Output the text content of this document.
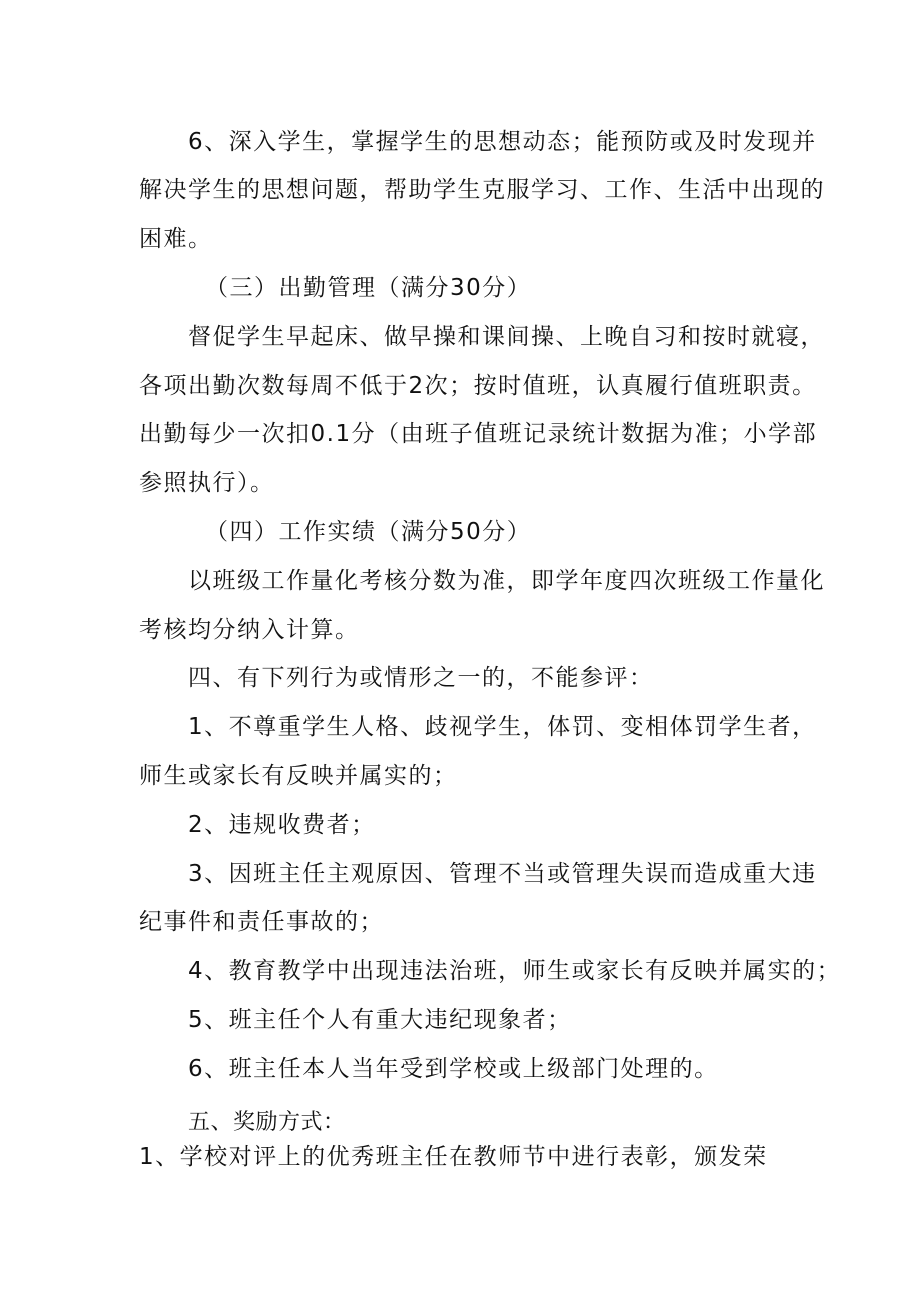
6、深入学生，掌握学生的思想动态；能预防或及时发现并
解决学生的思想问题，帮助学生克服学习、工作、生活中出现的
困难。
（三）出勤管理（满分30分）
督促学生早起床、做早操和课间操、上晚自习和按时就寝，
各项出勤次数每周不低于2次；按时值班，认真履行值班职责。
出勤每少一次扣0.1分（由班子值班记录统计数据为准；小学部
参照执行）。
（四）工作实绩（满分50分）
以班级工作量化考核分数为准，即学年度四次班级工作量化
考核均分纳入计算。
四、有下列行为或情形之一的，不能参评：
1、不尊重学生人格、歧视学生，体罚、变相体罚学生者，
师生或家长有反映并属实的；
2、违规收费者；
3、因班主任主观原因、管理不当或管理失误而造成重大违
纪事件和责任事故的；
4、教育教学中出现违法治班，师生或家长有反映并属实的；
5、班主任个人有重大违纪现象者；
6、班主任本人当年受到学校或上级部门处理的。
五、奖励方式：
1、学校对评上的优秀班主任在教师节中进行表彰，颁发荣
